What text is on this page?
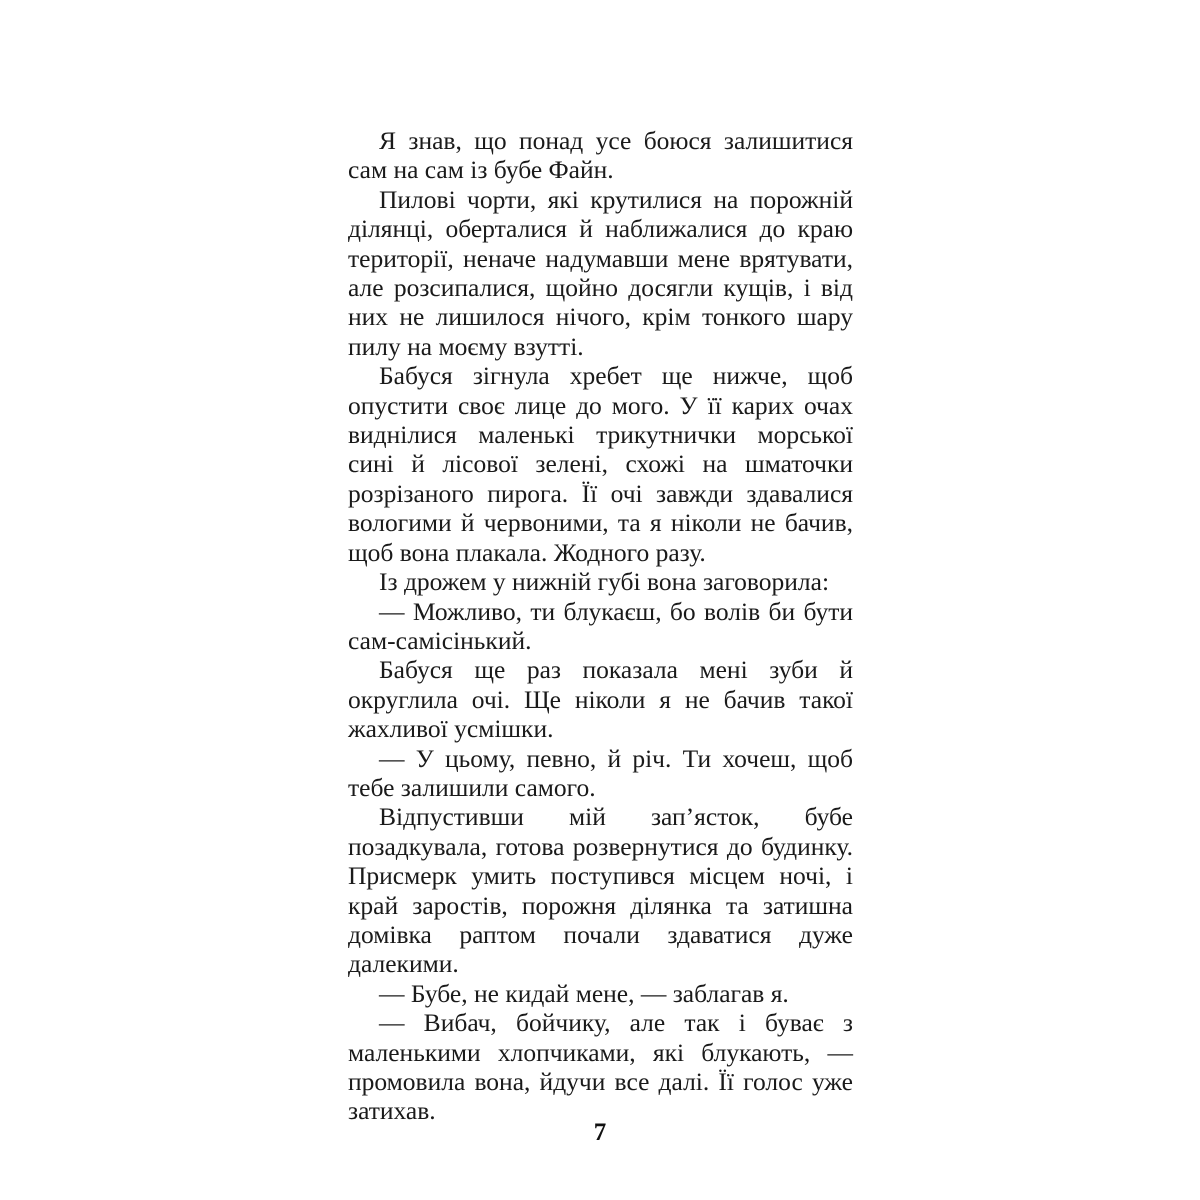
Я знав, що понад усе боюся залишитися сам на сам із бубе Файн.

Пилові чорти, які крутилися на порожній ділянці, оберталися й наближалися до краю території, неначе надумавши мене врятувати, але розсипалися, щойно досягли кущів, і від них не лишилося нічого, крім тонкого шару пилу на моєму взутті.

Бабуся зігнула хребет ще нижче, щоб опустити своє лице до мого. У її карих очах виднілися маленькі трикутнички морської сині й лісової зелені, схожі на шматочки розрізаного пирога. Її очі завжди здавалися вологими й червоними, та я ніколи не бачив, щоб вона плакала. Жодного разу.

Із дрожем у нижній губі вона заговорила:

— Можливо, ти блукаєш, бо волів би бути сам-самісінький.

Бабуся ще раз показала мені зуби й округлила очі. Ще ніколи я не бачив такої жахливої усмішки.

— У цьому, певно, й річ. Ти хочеш, щоб тебе залишили самого.

Відпустивши мій зап’ясток, бубе позадкувала, готова розвернутися до будинку. Присмерк умить поступився місцем ночі, і край заростів, порожня ділянка та затишна домівка раптом почали здаватися дуже далекими.

— Бубе, не кидай мене, — заблагав я.

— Вибач, бойчику, але так і буває з маленькими хлопчиками, які блукають, — промовила вона, йдучи все далі. Її голос уже затихав.

7
